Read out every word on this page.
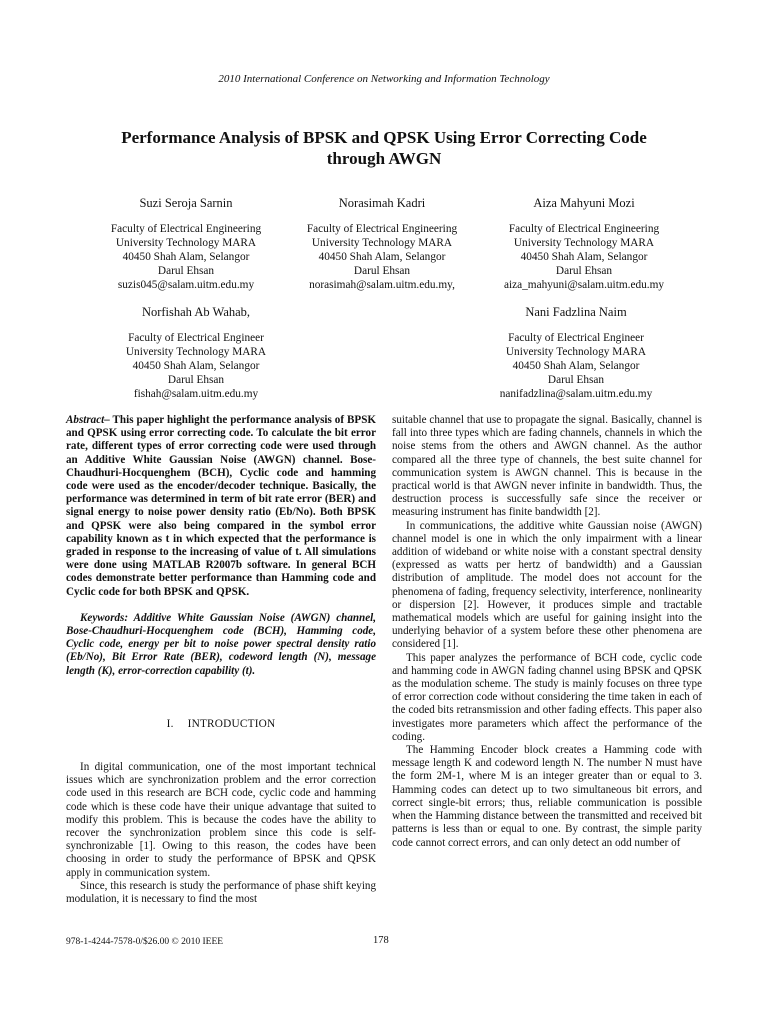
2010 International Conference on Networking and Information Technology
Performance Analysis of BPSK and QPSK Using Error Correcting Code
through AWGN
Suzi Seroja Sarnin
Faculty of Electrical Engineering
University Technology MARA
40450 Shah Alam, Selangor
Darul Ehsan
suzis045@salam.uitm.edu.my
Norasimah Kadri
Faculty of Electrical Engineering
University Technology MARA
40450 Shah Alam, Selangor
Darul Ehsan
norasimah@salam.uitm.edu.my,
Aiza Mahyuni Mozi
Faculty of Electrical Engineering
University Technology MARA
40450 Shah Alam, Selangor
Darul Ehsan
aiza_mahyuni@salam.uitm.edu.my
Norfishah Ab Wahab,
Faculty of Electrical Engineer
University Technology MARA
40450 Shah Alam, Selangor
Darul Ehsan
fishah@salam.uitm.edu.my
Nani Fadzlina Naim
Faculty of Electrical Engineer
University Technology MARA
40450 Shah Alam, Selangor
Darul Ehsan
nanifadzlina@salam.uitm.edu.my

Abstract– This paper highlight the performance analysis of BPSK and QPSK using error correcting code. To calculate the bit error rate, different types of error correcting code were used through an Additive White Gaussian Noise (AWGN) channel. Bose- Chaudhuri-Hocquenghem (BCH), Cyclic code and hamming code were used as the encoder/decoder technique. Basically, the performance was determined in term of bit rate error (BER) and signal energy to noise power density ratio (Eb/No). Both BPSK and QPSK were also being compared in the symbol error capability known as t in which expected that the performance is graded in response to the increasing of value of t. All simulations were done using MATLAB R2007b software. In general BCH codes demonstrate better performance than Hamming code and Cyclic code for both BPSK and QPSK.

Keywords: Additive White Gaussian Noise (AWGN) channel, Bose-Chaudhuri-Hocquenghem code (BCH), Hamming code, Cyclic code, energy per bit to noise power spectral density ratio (Eb/No), Bit Error Rate (BER), codeword length (N), message length (K), error-correction capability (t).

I. INTRODUCTION

In digital communication, one of the most important technical issues which are synchronization problem and the error correction code used in this research are BCH code, cyclic code and hamming code which is these code have their unique advantage that suited to modify this problem. This is because the codes have the ability to recover the synchronization problem since this code is self-synchronizable [1]. Owing to this reason, the codes have been choosing in order to study the performance of BPSK and QPSK apply in communication system.

Since, this research is study the performance of phase shift keying modulation, it is necessary to find the most

suitable channel that use to propagate the signal. Basically, channel is fall into three types which are fading channels, channels in which the noise stems from the others and AWGN channel. As the author compared all the three type of channels, the best suite channel for communication system is AWGN channel. This is because in the practical world is that AWGN never infinite in bandwidth. Thus, the destruction process is successfully safe since the receiver or measuring instrument has finite bandwidth [2].

In communications, the additive white Gaussian noise (AWGN) channel model is one in which the only impairment with a linear addition of wideband or white noise with a constant spectral density (expressed as watts per hertz of bandwidth) and a Gaussian distribution of amplitude. The model does not account for the phenomena of fading, frequency selectivity, interference, nonlinearity or dispersion [2]. However, it produces simple and tractable mathematical models which are useful for gaining insight into the underlying behavior of a system before these other phenomena are considered [1].

This paper analyzes the performance of BCH code, cyclic code and hamming code in AWGN fading channel using BPSK and QPSK as the modulation scheme. The study is mainly focuses on three type of error correction code without considering the time taken in each of the coded bits retransmission and other fading effects. This paper also investigates more parameters which affect the performance of the coding.

The Hamming Encoder block creates a Hamming code with message length K and codeword length N. The number N must have the form 2M-1, where M is an integer greater than or equal to 3. Hamming codes can detect up to two simultaneous bit errors, and correct single-bit errors; thus, reliable communication is possible when the Hamming distance between the transmitted and received bit patterns is less than or equal to one. By contrast, the simple parity code cannot correct errors, and can only detect an odd number of

978-1-4244-7578-0/$26.00 © 2010 IEEE	178
